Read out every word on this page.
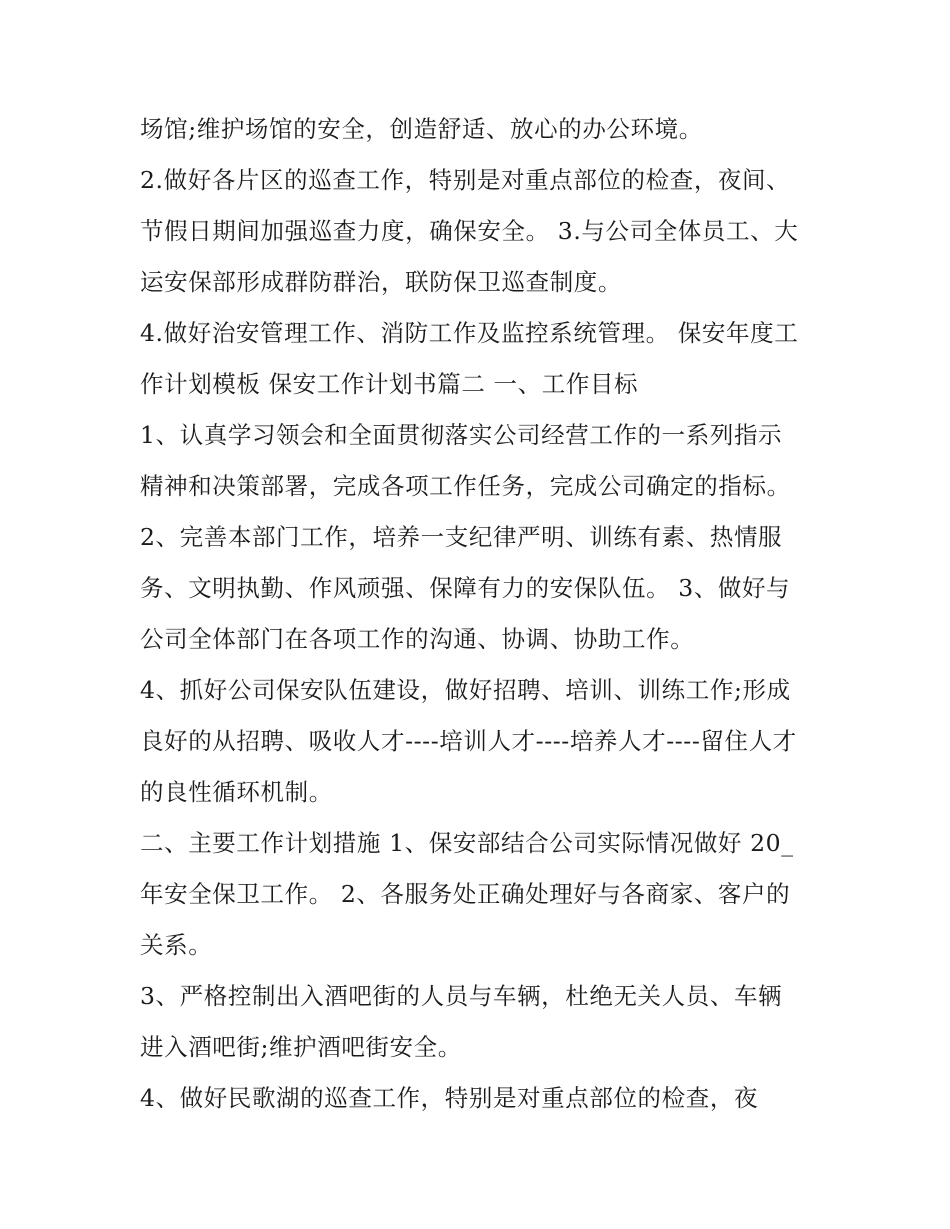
场馆;维护场馆的安全，创造舒适、放心的办公环境。
2.做好各片区的巡查工作，特别是对重点部位的检查，夜间、
节假日期间加强巡查力度，确保安全。 3.与公司全体员工、大
运安保部形成群防群治，联防保卫巡查制度。
4.做好治安管理工作、消防工作及监控系统管理。 保安年度工
作计划模板 保安工作计划书篇二 一、工作目标
1、认真学习领会和全面贯彻落实公司经营工作的一系列指示
精神和决策部署，完成各项工作任务，完成公司确定的指标。
2、完善本部门工作，培养一支纪律严明、训练有素、热情服
务、文明执勤、作风顽强、保障有力的安保队伍。 3、做好与
公司全体部门在各项工作的沟通、协调、协助工作。
4、抓好公司保安队伍建设，做好招聘、培训、训练工作;形成
良好的从招聘、吸收人才----培训人才----培养人才----留住人才
的良性循环机制。
二、主要工作计划措施 1、保安部结合公司实际情况做好 20_
年安全保卫工作。 2、各服务处正确处理好与各商家、客户的
关系。
3、严格控制出入酒吧街的人员与车辆，杜绝无关人员、车辆
进入酒吧街;维护酒吧街安全。
4、做好民歌湖的巡查工作，特别是对重点部位的检查，夜
